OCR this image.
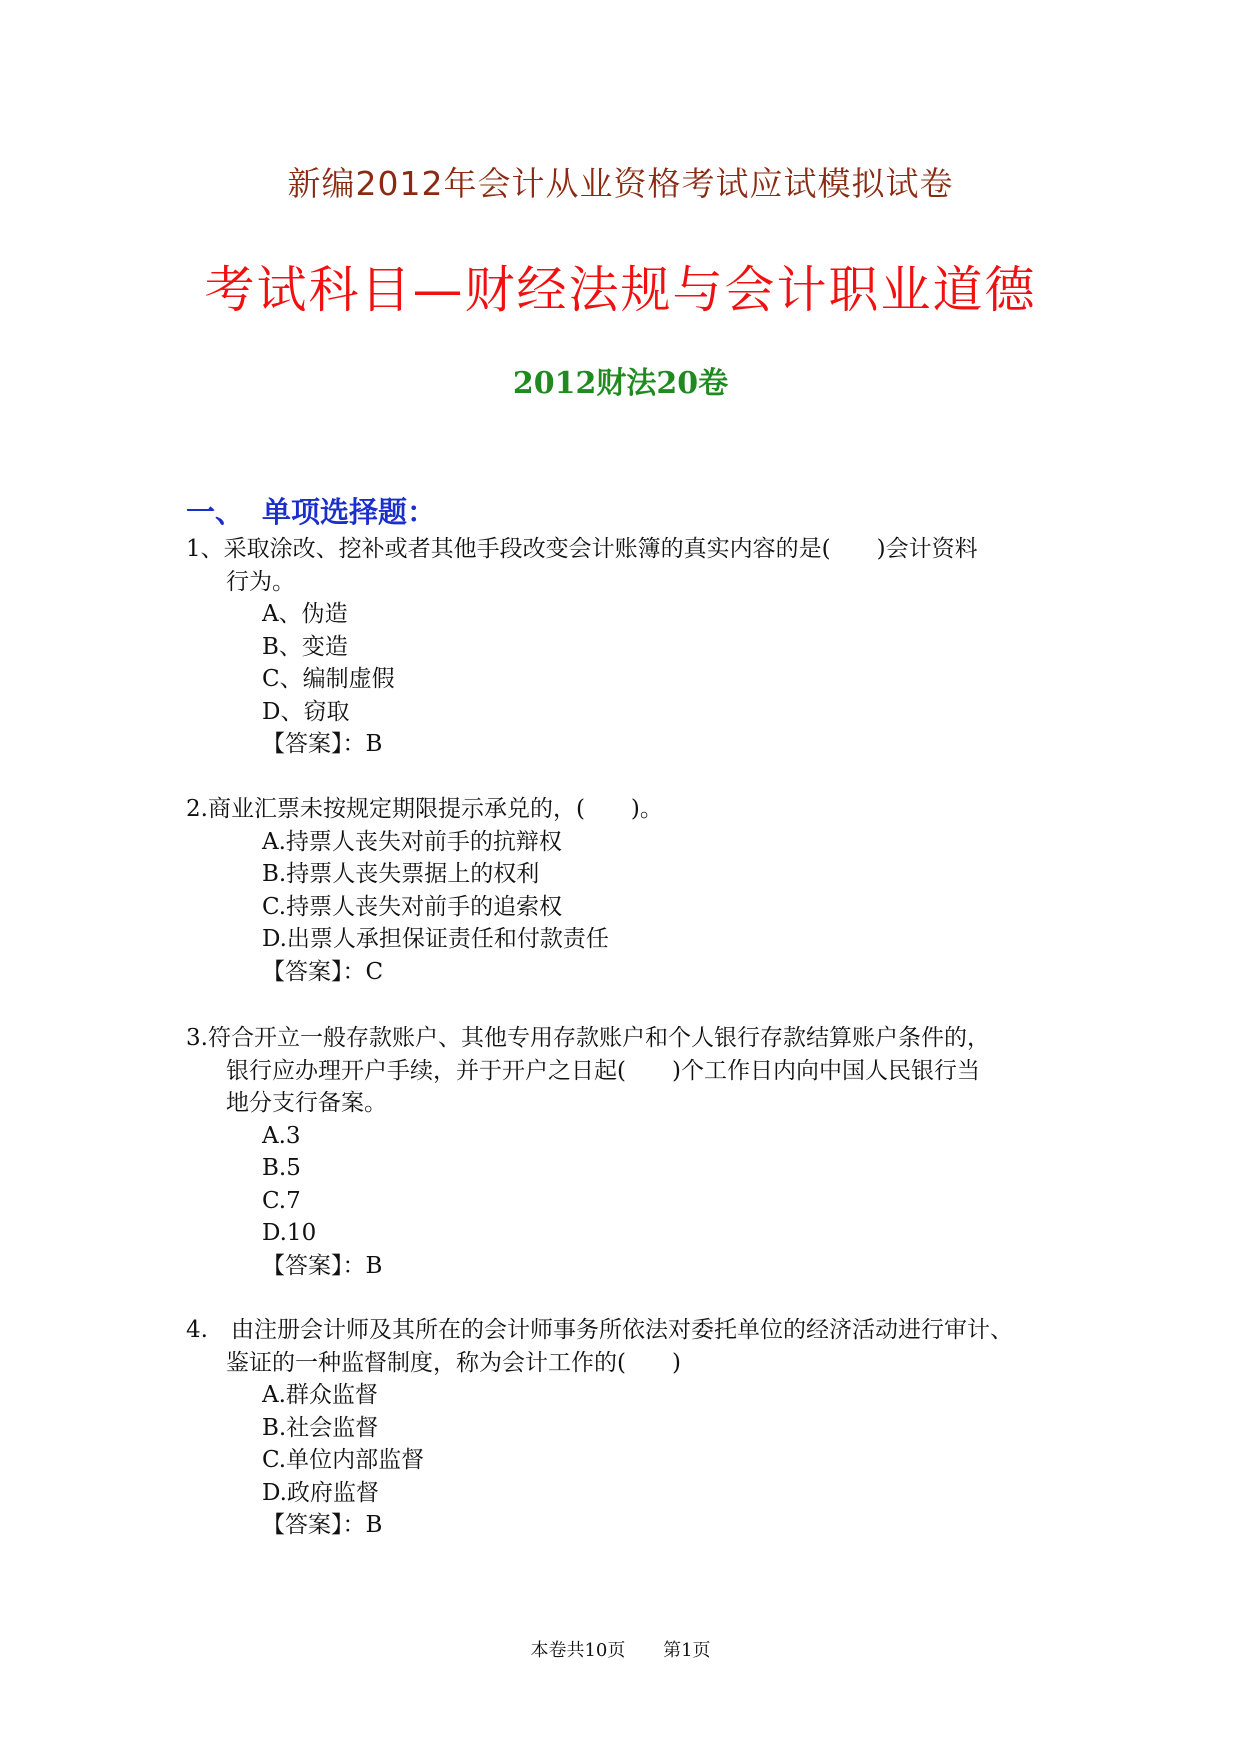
新编2012年会计从业资格考试应试模拟试卷
考试科目—财经法规与会计职业道德
2012财法20卷
一、 单项选择题：
1、采取涂改、挖补或者其他手段改变会计账簿的真实内容的是(　　)会计资料
行为。
A、伪造
B、变造
C、编制虚假
D、窃取
【答案】：B
2.商业汇票未按规定期限提示承兑的，(　　)。
A.持票人丧失对前手的抗辩权
B.持票人丧失票据上的权利
C.持票人丧失对前手的追索权
D.出票人承担保证责任和付款责任
【答案】：C
3.符合开立一般存款账户、其他专用存款账户和个人银行存款结算账户条件的，
银行应办理开户手续，并于开户之日起(　　)个工作日内向中国人民银行当
地分支行备案。
A.3
B.5
C.7
D.10
【答案】：B
4.　由注册会计师及其所在的会计师事务所依法对委托单位的经济活动进行审计、
鉴证的一种监督制度，称为会计工作的(　　)
A.群众监督
B.社会监督
C.单位内部监督
D.政府监督
【答案】：B
本卷共10页 第1页
